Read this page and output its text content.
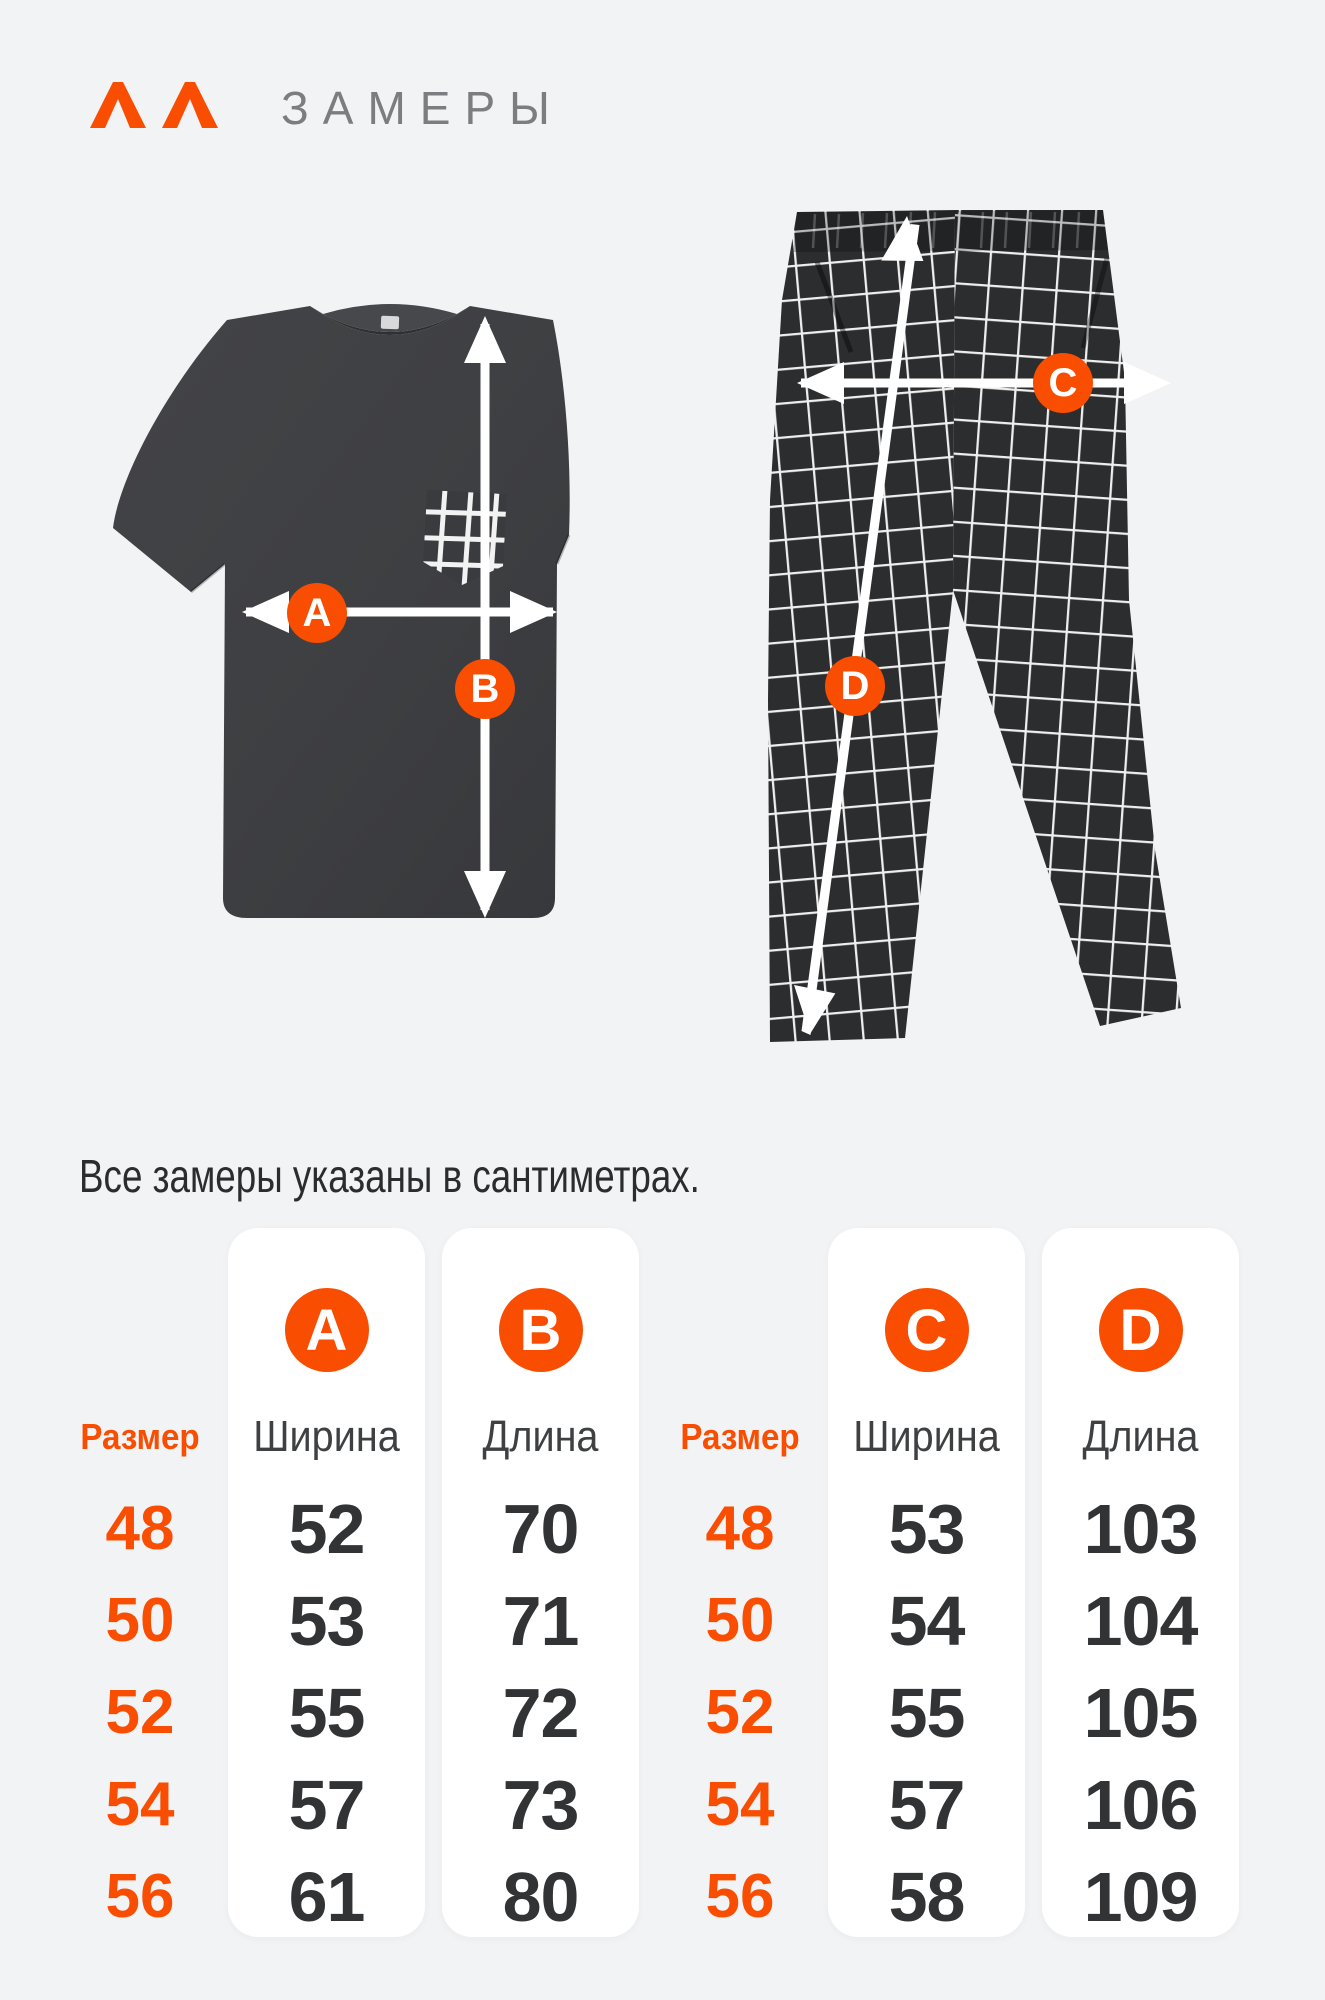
ЗАМЕРЫ
A
B
C
D
Все замеры указаны в сантиметрах.
Размер
48
50
52
54
56
A
Ширина
52
53
55
57
61
B
Длина
70
71
72
73
80
Размер
48
50
52
54
56
C
Ширина
53
54
55
57
58
D
Длина
103
104
105
106
109
